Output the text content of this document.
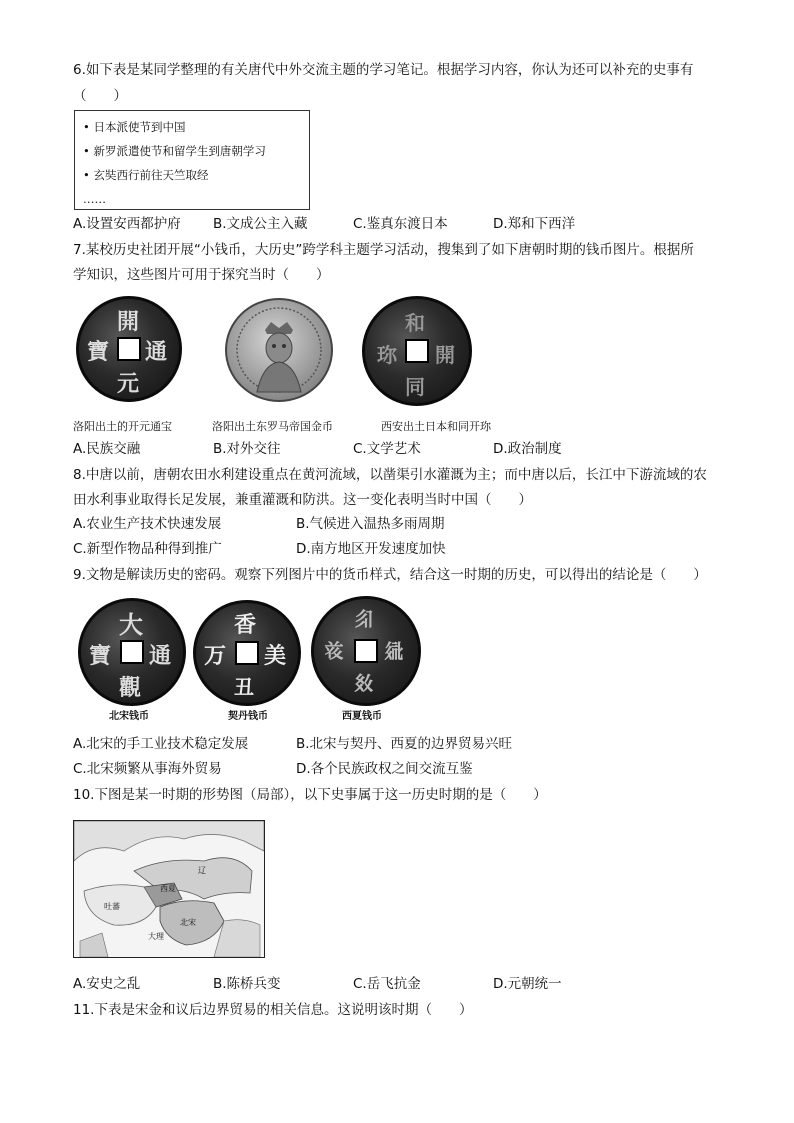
6.如下表是某同学整理的有关唐代中外交流主题的学习笔记。根据学习内容，你认为还可以补充的史事有
（　　）
• 日本派使节到中国
• 新罗派遣使节和留学生到唐朝学习
• 玄奘西行前往天竺取经
……
A.设置安西都护府 B.文成公主入藏	C.鉴真东渡日本	D.郑和下西洋
7.某校历史社团开展“小钱币，大历史”跨学科主题学习活动，搜集到了如下唐朝时期的钱币图片。根据所
学知识，这些图片可用于探究当时（　　）
開
通
元
寶
和
開
同
珎
洛阳出土的开元通宝	洛阳出土东罗马帝国金币	西安出土日本和同开珎
A.民族交融	B.对外交往	C.文学艺术	D.政治制度
8.中唐以前，唐朝农田水利建设重点在黄河流域，以凿渠引水灌溉为主；而中唐以后，长江中下游流域的农
田水利事业取得长足发展，兼重灌溉和防洪。这一变化表明当时中国（　　）
A.农业生产技术快速发展	B.气候进入温热多雨周期
C.新型作物品种得到推广	D.南方地区开发速度加快
9.文物是解读历史的密码。观察下列图片中的货币样式，结合这一时期的历史，可以得出的结论是（　　）
大
通
觀
寶
香
美
丑
万
𗼃
𗣼
𗾈
𘝞
北宋钱币	契丹钱币	西夏钱币
A.北宋的手工业技术稳定发展	B.北宋与契丹、西夏的边界贸易兴旺
C.北宋频繁从事海外贸易	D.各个民族政权之间交流互鉴
10.下图是某一时期的形势图（局部），以下史事属于这一历史时期的是（　　）
西夏
辽
北宋
大理
吐蕃
A.安史之乱	B.陈桥兵变	C.岳飞抗金	D.元朝统一
11.下表是宋金和议后边界贸易的相关信息。这说明该时期（　　）
